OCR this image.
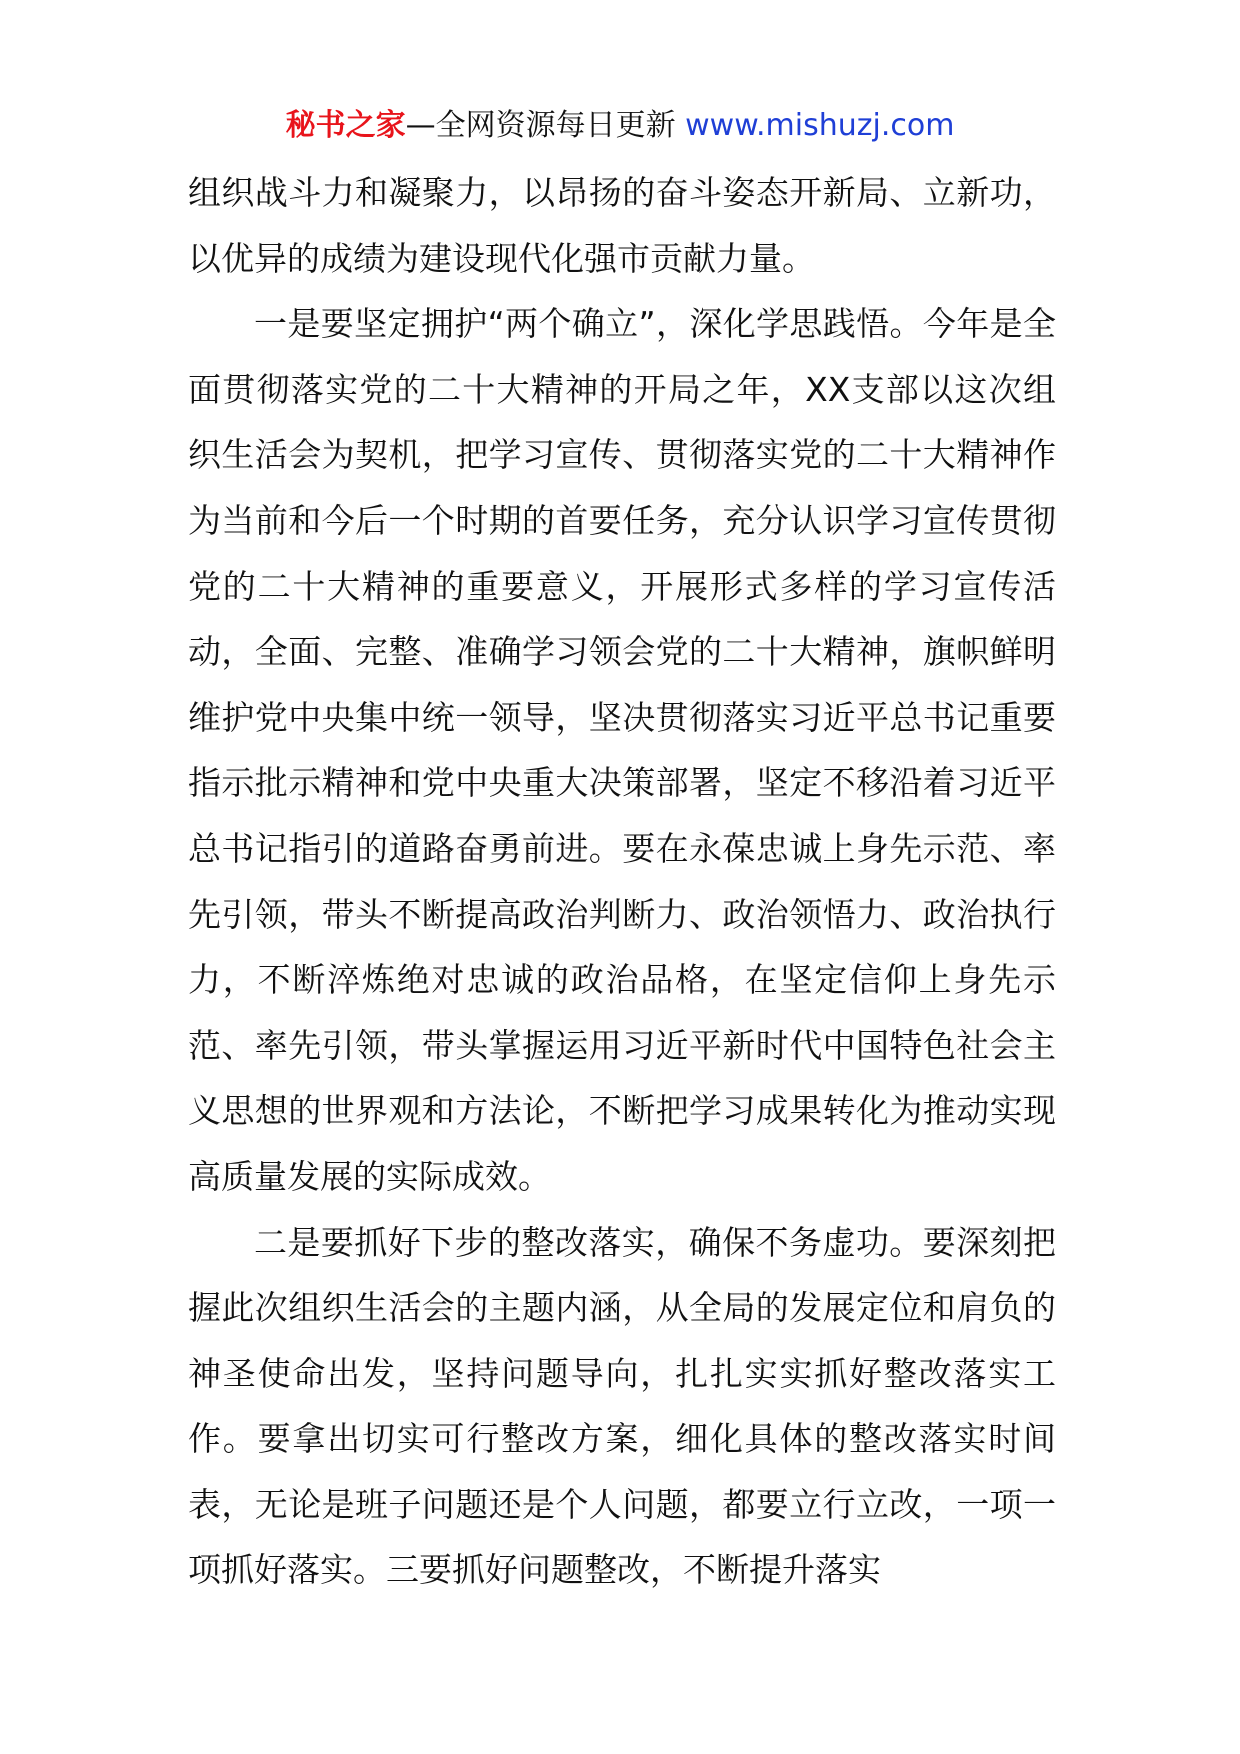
秘书之家—全网资源每日更新 www.mishuzj.com

组织战斗力和凝聚力，以昂扬的奋斗姿态开新局、立新功，以优异的成绩为建设现代化强市贡献力量。

一是要坚定拥护“两个确立”，深化学思践悟。今年是全面贯彻落实党的二十大精神的开局之年，XX支部以这次组织生活会为契机，把学习宣传、贯彻落实党的二十大精神作为当前和今后一个时期的首要任务，充分认识学习宣传贯彻党的二十大精神的重要意义，开展形式多样的学习宣传活动，全面、完整、准确学习领会党的二十大精神，旗帜鲜明维护党中央集中统一领导，坚决贯彻落实习近平总书记重要指示批示精神和党中央重大决策部署，坚定不移沿着习近平总书记指引的道路奋勇前进。要在永葆忠诚上身先示范、率先引领，带头不断提高政治判断力、政治领悟力、政治执行力，不断淬炼绝对忠诚的政治品格，在坚定信仰上身先示范、率先引领，带头掌握运用习近平新时代中国特色社会主义思想的世界观和方法论，不断把学习成果转化为推动实现高质量发展的实际成效。

二是要抓好下步的整改落实，确保不务虚功。要深刻把握此次组织生活会的主题内涵，从全局的发展定位和肩负的神圣使命出发，坚持问题导向，扎扎实实抓好整改落实工作。要拿出切实可行整改方案，细化具体的整改落实时间表，无论是班子问题还是个人问题，都要立行立改，一项一项抓好落实。三要抓好问题整改，不断提升落实
